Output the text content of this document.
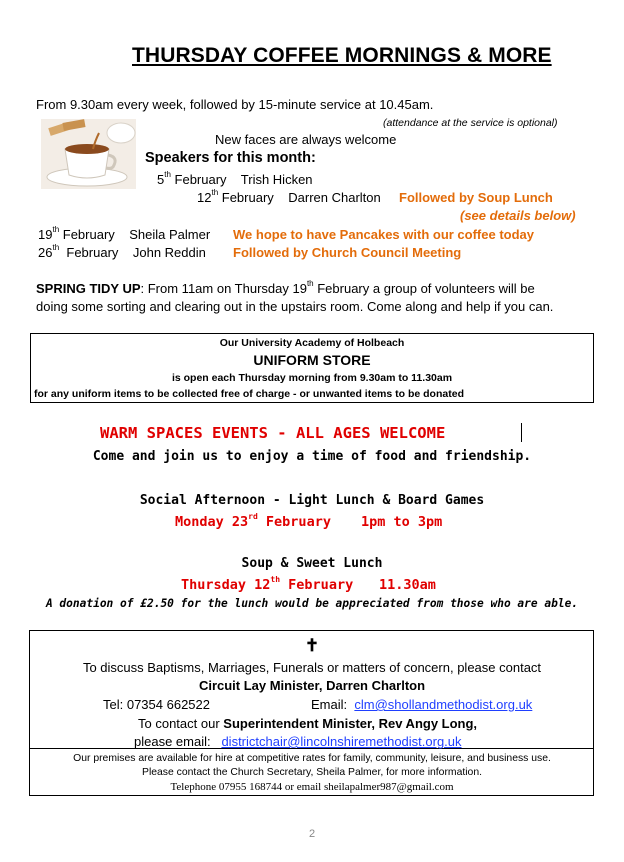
THURSDAY COFFEE MORNINGS & MORE
From 9.30am every week, followed by 15-minute service at 10.45am.
(attendance at the service is optional)
New faces are always welcome
Speakers for this month:
5th February Trish Hicken
12th February Darren Charlton Followed by Soup Lunch
(see details below)
19th February Sheila Palmer We hope to have Pancakes with our coffee today
26th February John Reddin Followed by Church Council Meeting
SPRING TIDY UP: From 11am on Thursday 19th February a group of volunteers will be
doing some sorting and clearing out in the upstairs room. Come along and help if you can.
Our University Academy of Holbeach
UNIFORM STORE
is open each Thursday morning from 9.30am to 11.30am
for any uniform items to be collected free of charge - or unwanted items to be donated
WARM SPACES EVENTS - ALL AGES WELCOME
Come and join us to enjoy a time of food and friendship.
Social Afternoon - Light Lunch & Board Games
Monday 23rd February 1pm to 3pm
Soup & Sweet Lunch
Thursday 12th February 11.30am
A donation of £2.50 for the lunch would be appreciated from those who are able.
✝
To discuss Baptisms, Marriages, Funerals or matters of concern, please contact
Circuit Lay Minister, Darren Charlton
Tel: 07354 662522	Email: clm@shollandmethodist.org.uk
To contact our Superintendent Minister, Rev Angy Long,
please email: districtchair@lincolnshiremethodist.org.uk
Our premises are available for hire at competitive rates for family, community, leisure, and business use.
Please contact the Church Secretary, Sheila Palmer, for more information.
Telephone 07955 168744 or email sheilapalmer987@gmail.com
2
